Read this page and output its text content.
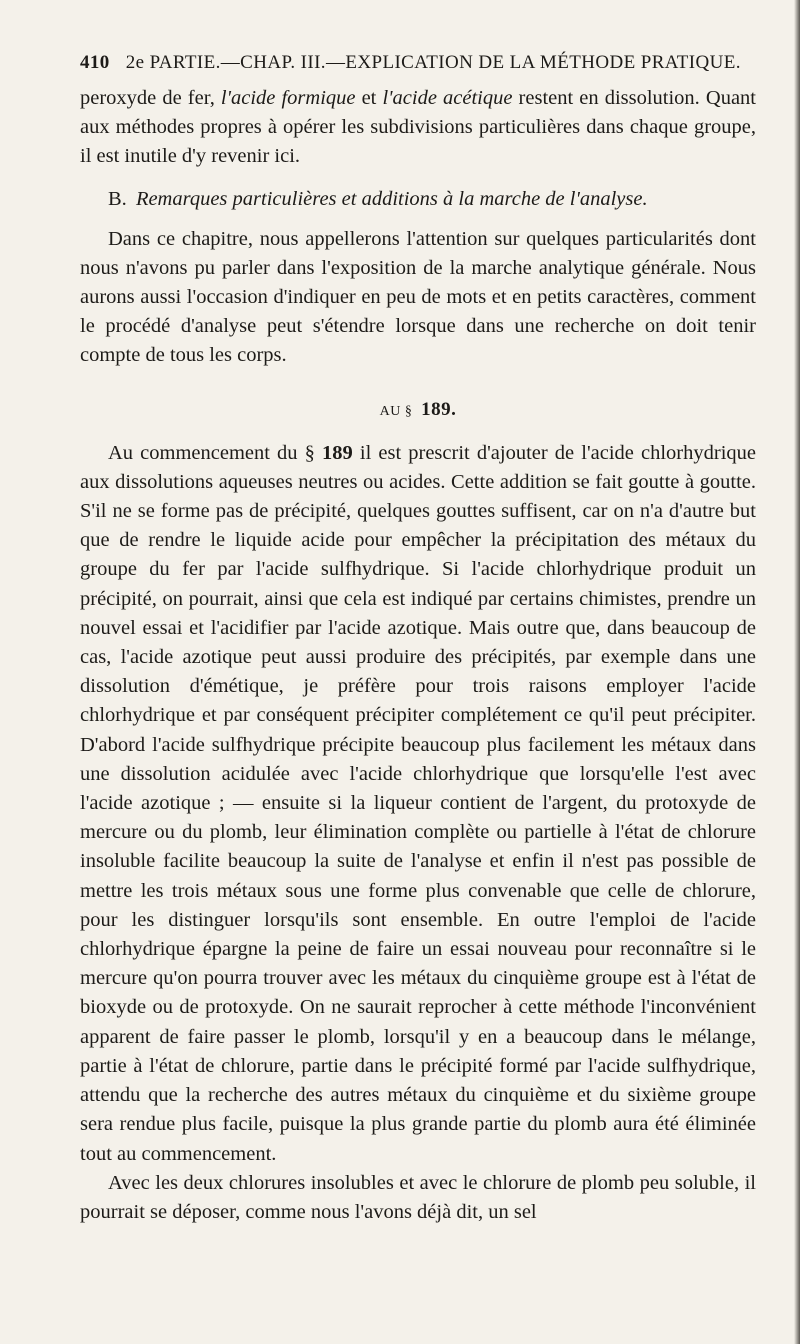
410 2e PARTIE.—CHAP. III.—EXPLICATION DE LA MÉTHODE PRATIQUE.

peroxyde de fer, l'acide formique et l'acide acétique restent en dissolution. Quant aux méthodes propres à opérer les subdivisions particulières dans chaque groupe, il est inutile d'y revenir ici.

B. Remarques particulières et additions à la marche de l'analyse.

Dans ce chapitre, nous appellerons l'attention sur quelques particularités dont nous n'avons pu parler dans l'exposition de la marche analytique générale. Nous aurons aussi l'occasion d'indiquer en peu de mots et en petits caractères, comment le procédé d'analyse peut s'étendre lorsque dans une recherche on doit tenir compte de tous les corps.

AU § 189.

Au commencement du § 189 il est prescrit d'ajouter de l'acide chlorhydrique aux dissolutions aqueuses neutres ou acides. Cette addition se fait goutte à goutte. S'il ne se forme pas de précipité, quelques gouttes suffisent, car on n'a d'autre but que de rendre le liquide acide pour empêcher la précipitation des métaux du groupe du fer par l'acide sulfhydrique. Si l'acide chlorhydrique produit un précipité, on pourrait, ainsi que cela est indiqué par certains chimistes, prendre un nouvel essai et l'acidifier par l'acide azotique. Mais outre que, dans beaucoup de cas, l'acide azotique peut aussi produire des précipités, par exemple dans une dissolution d'émétique, je préfère pour trois raisons employer l'acide chlorhydrique et par conséquent précipiter complétement ce qu'il peut précipiter. D'abord l'acide sulfhydrique précipite beaucoup plus facilement les métaux dans une dissolution acidulée avec l'acide chlorhydrique que lorsqu'elle l'est avec l'acide azotique ; — ensuite si la liqueur contient de l'argent, du protoxyde de mercure ou du plomb, leur élimination complète ou partielle à l'état de chlorure insoluble facilite beaucoup la suite de l'analyse et enfin il n'est pas possible de mettre les trois métaux sous une forme plus convenable que celle de chlorure, pour les distinguer lorsqu'ils sont ensemble. En outre l'emploi de l'acide chlorhydrique épargne la peine de faire un essai nouveau pour reconnaître si le mercure qu'on pourra trouver avec les métaux du cinquième groupe est à l'état de bioxyde ou de protoxyde. On ne saurait reprocher à cette méthode l'inconvénient apparent de faire passer le plomb, lorsqu'il y en a beaucoup dans le mélange, partie à l'état de chlorure, partie dans le précipité formé par l'acide sulfhydrique, attendu que la recherche des autres métaux du cinquième et du sixième groupe sera rendue plus facile, puisque la plus grande partie du plomb aura été éliminée tout au commencement.

Avec les deux chlorures insolubles et avec le chlorure de plomb peu soluble, il pourrait se déposer, comme nous l'avons déjà dit, un sel
